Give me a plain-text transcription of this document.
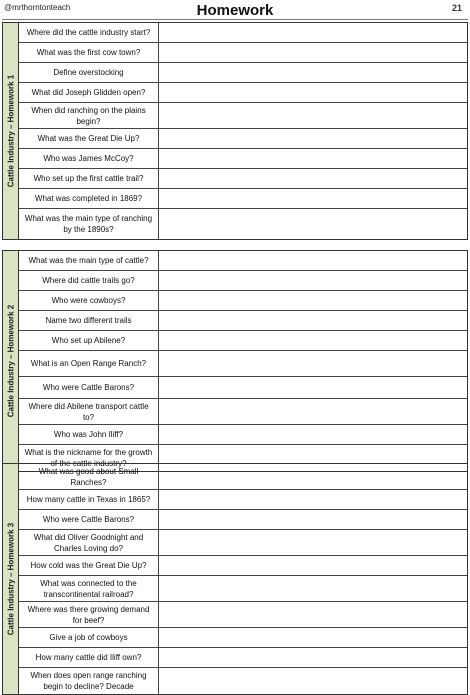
@mrthorntonteach	Homework	21
Cattle Industry – Homework 1
Where did the cattle industry start?
What was the first cow town?
Define overstocking
What did Joseph Glidden open?
When did ranching on the plains begin?
What was the Great Die Up?
Who was James McCoy?
Who set up the first cattle trail?
What was completed in 1869?
What was the main type of ranching by the 1890s?
Cattle Industry – Homework 2
What was the main type of cattle?
Where did cattle trails go?
Who were cowboys?
Name two different trails
Who set up Abilene?
What is an Open Range Ranch?
Who were Cattle Barons?
Where did Abilene transport cattle to?
Who was John Iliff?
What is the nickname for the growth of the cattle industry?
Cattle Industry – Homework 3
What was good about Small Ranches?
How many cattle in Texas in 1865?
Who were Cattle Barons?
What did Oliver Goodnight and Charles Loving do?
How cold was the Great Die Up?
What was connected to the transcontinental railroad?
Where was there growing demand for beef?
Give a job of cowboys
How many cattle did Iliff own?
When does open range ranching begin to decline? Decade
